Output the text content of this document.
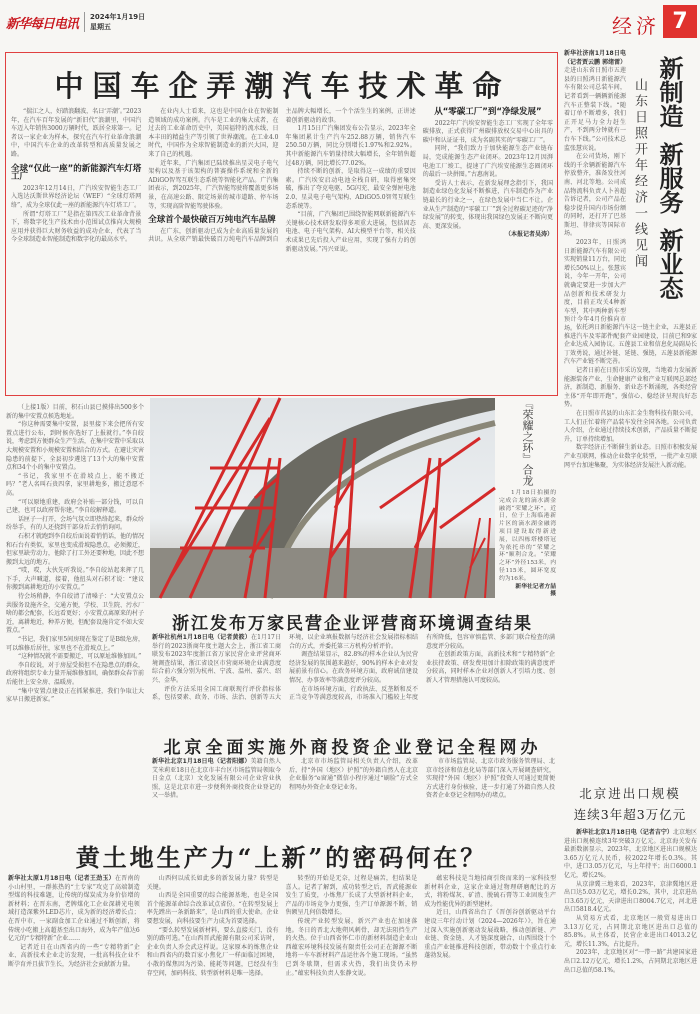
新华每日电讯 2024年1月19日
星期五	经济 7
中国车企弄潮汽车技术革命

“揣江之人，好踏浪翻波，名曰‘弄潮’。”2023年，在汽车百年发展的“新旧代”浪潮里，中国汽车迈入年销售3000万辆时代，跃居全球第一。记者以一家企业为样本，探究在汽车行业革命浪潮中，中国汽车企业的改革转型和高质量发展之路。

全球“仅此一座”的新能源汽车灯塔工厂

2023年12月14日，广汽埃安智能生态工厂入选达沃斯世界经济论坛（WEF）“全球灯塔网络”，成为全球仅此一座的新能源汽车灯塔工厂。

所谓“灯塔工厂”是指在第四次工业革命背景下，将数字化生产技术由小范围试点推向大规模应用并获得巨大财务收益的成功企业，代表了当今全球制造业智能制造和数字化的最高水平。

在业内人士看来，这也是中国企业在智能制造领域的成功案例。汽车是工业的集大成者，在过去的工业革命历史中，美国福特的流水线、日本丰田的精益生产等引领了世界潮流。在工业4.0时代，中国作为全球智能制造业的新兴大国，迎来了自己的机遇。

近年来，广汽集团已陆续推出星灵电子电气架构以及基于该架构的普赛操作系统和全新的ADiGO智驾互联生态系统等智能化产品。广汽集团表示，到2025年，广汽智能驾驶将覆盖更多场景，在高速公路、限定场景的城市道路、停车场等，实现高阶智能驾驶体验。

全球首个最快破百万纯电汽车品牌

在广东，创新驱动已成为企业高质量发展的共识。从全球产销最快破百万纯电汽车品牌到自主品牌大幅增长，一个个活生生的案例，正讲述着创新驱动的故事。

1月15日广汽集团发布公告显示，2023年全年集团累计生产汽车252.88万辆，销售汽车250.50万辆，同比分别增长1.97%和2.92%。其中新能源汽车销量持续大幅增长，全年销售超过48万辆，同比增长77.02%。

持续不断的创新，是取得这一成绩的重要因素。广汽埃安启动电池全栈自研，取得密集突破，推出了夸克电驱、5G闪充、最安全弹匣电池2.0、星灵电子电气架构、ADiGO5.0智驾互联生态系统等。

“目前，广汽集团已围绕智能网联新能源汽车关键核心技术研发取得多项重大进展，包括固态电池、电子电气架构、AI大模型平台等，相关技术成果已先后投入产业应用，实现了强有力的创新驱动发展。”冯兴亚说。

从“零碳工厂”到“净绿发展”

2022年广汽埃安智能生态工厂实现了全年零碳排放，正式获得广州碳排放权交易中心出具的碳中和认证证书，成为名副其实的“零碳工厂”。

同时，“我们致力于加快能源生态产业链布局，完成能源生态产业闭环。2023年12月因湃电池工厂竣工，提速了广汽埃安能源生态圈闭环的最后一块拼图。”古惠南说。

受访人士表示，在新发展理念指引下，我国制造业绿色化发展不断推进，汽车制造作为产业链最长的行业之一，在绿色发展中当仁不让。企业从生产制造的“零碳工厂”到全过程碳足迹的“净绿发展”的转变，体现出我国绿色发展正不断向更高、更深发展。

（本报记者吴涛）

新制造新服务新业态
山东日照开年经济一线见闻

新华社济南1月18日电（记者贾云鹏 郭绪雷）走进山东省日照市五莲县的日照鸿日新能源汽车有限公司总装车间，记者看到一辆辆新能源汽车正整装下线。“随着订单不断增多，我们正开足马力全力赶生产，不到两分钟就有一台车下线。”公司技术总监张慧宾说。

在公司货场，刚下线的千余辆新能源汽车停放整齐，准备发往河南、河北等地。公司成品物流科负责人卜善超告诉记者，公司产品在稳步提升国内市场份额的同时，还打开了巴基斯坦、菲律宾等国际市场。

2023年，日照鸿日新能源汽车有限公司实现销量11万台，同比增长50%以上。张慧宾说，今年一开年，公司就确定要进一步加大产品创新和技术研发力度，目前正攻关4种新车型，其中两种新车型预计今年4月份推向市场。 依托鸿日新能源汽车这一链主企业，五莲县正推进汽车及零部件配套产业园建设，目前已和9家企业达成入园协议。五莲县工业和信息化局副局长丁效勇说，通过补链、延链、强链，五莲县新能源汽车产业链不断完善。

记者日前在日照市采访发现，当地着力发展新能源装备产业、生命健康产业和产业互联网总部经济，新制造、新服务、新业态不断涌现，各类经营主体“开年即开跑”，强信心、稳经济呈现良好态势。

在日照市莒县的山东汇金生物科技有限公司，工人们正忙着将产品装车发往全国各地。公司负责人介绍，企业通过持续技术创新，产品质量不断提升，订单持续增加。

数字经济正不断催生新业态。日照市积极发展产业互联网，推动企业数字化转型，一批产业互联网平台加速集聚，为实体经济发展注入新动能。

（上接1版）目前，积石山县已摸排出500多个新的集中安置点候选地址。

“你这种需要集中安置，县里接下来会把所有安置点进行公布，到时候你选好了上报就行。”李自皎说，考虑到方便群众生产生活，在集中安置中采取以大规模安置和小规模安置相结合的方式。在避让灾害隐患的前提下，全县初步遴选了13个大的集中安置点和34个小的集中安置点。

“书记，我家里不在滑坡点上，能不搬迁吗？”老人名叫石贵四拿，家里耕地多，搬迁意愿不高。

“可以原地重建，政府会补贴一部分钱，可以自己建，也可以政府帮你建。”李自皎解释道。

话匣子一打开，会场气氛立即热络起来，群众纷纷举手，有的人还挠到干部身后去悄悄询问。

石积才就跑到李自皎后面说着悄悄话，他的情况和石台有类似，家里也变成滑坡隐患点，必须搬迁，但家里缺劳动力，他除了打工外还要种地，因此不想搬到太远的地方。

“哎，哎，大伙先听我说。”李自皎站起来挥了几下手，大声喊道，接着，他扭头对石积才说：“建议你搬到离耕地近的小安置点。”

待会场稍静，李自皎清了清嗓子：“大安置点公共服务设施齐全，交通方便，学校、卫生院、污水厂啥的都会配套，长远看更好；小安置点离原来的村子近，离耕地近，种养方便，但配套设施肯定不如大安置点。”

“书记，我们家里5间房现在鉴定了是B级危房，可以维修后居住，家里也不在滑坡点上。”

“这种情况就不需要搬迁，可以原址维修加固。”

李自皎说，对于房屋受损但不在隐患点的群众，政府将组织专业力量开展维修加固，确保群众春节前后能住上安全房、温暖房。

“集中安置点建设正在抓紧推进，我们争取让大家早日搬进新家。”

『荣耀之环』合龙

1月18日拍摄的完成合龙的滴水湖金融湾“荣耀之环”。近日，位于上海临港新片区的滴水湖金融湾项目建设取得新进展，以四栋塔楼塔冠为依托串的“荣耀之环”顺利合龙。“荣耀之环”外径153米，内径115米，圆环宽度约为16米。

新华社记者方喆摄

浙江发布万家民营企业评营商环境调查结果

新华社杭州1月18日电（记者黄筱）在1月17日举行的2023浙商年度主题大会上，浙江省工商联发布2023年度浙江省万家民营企业评营商环境调查结果，浙江省设区市营商环境企业满意度综合前六强分别为杭州、宁波、温州、嘉兴、绍兴、金华。

评价方法采用全国工商联现行评价指标体系，包括要素、政务、市场、法治、创新等五大环境，以企业填报数据与经济社会发展指标相结合的方式，并委托第三方机构分析评价。

调查结果显示，82.8%的样本企业认为民营经济发展的氛围越来越好，90%的样本企业对发展前景有信心。在政务环境方面，政府诚信建设情况、办事效率等满意度评分较高。

在市场环境方面，行政执法、反垄断和反不正当竞争等满意度较高，市场准入门槛较上年度有所降低，包容审慎监管、多部门联合检查的满意度评分较高。

在创新政策方面，高新技术和“专精特新”企业扶持政策、研发费用加计扣除政策的满意度评分较高，同时样本企业对创新人才引培力度、创新人才管理措施认可度较高。

北京全面实施外商投资企业登记全程网办

新华社北京1月18日电（记者阳娜）美籍自然人艾米莉亚18日在北京市丰台区市场监管局领取今日金点（北京）文化发展有限公司企业营业执照，这是北京市进一步便利外商投资企业登记的又一举措。

北京市市场监管局相关负责人介绍，改革后，持“外国（地区）护照”的外籍自然人在北京企业服务“e窗通”微信小程序通过“刷脸”方式全程网办外资企业登记业务。

市市场监管局、北京市政务服务管理局、北京市经济和信息化局等部门深入开展调查研究，实现持“外国（地区）护照”投资人可通过更简便方式进行身份核验，进一步打通了外籍自然人投资者企业登记全程网办的堵点。

黄土地生产力“上新”的密码何在？

新华社太原1月18日电（记者王劲玉）在晋南的小山村里，一群拣热的“土专家”攻克了高端制造型煤的科技难题，让传统的煤炭成为身价倍增的新材料；在晋东南，老牌煤化工企业深耕光电领域打造深紫外LED芯片，成为新的经济增长点；在晋中市，一家副食加工企业通过不断创新，将传统小吃搬上高超基至出口海外，成为年产值达6亿元的“专精特新”企业……

记者近日在山西省内的一些“专精特新”企业、高新技术企业走访发现，一批高科技企业不断孕育并且拔节生长，为经济社会贡献新力量。

山西何以成长如此多的新发展力量？转型是关键。

山西是全国重要的综合能源基地，也是全国首个能源革命综合改革试点省份。“在转型发展上率先蹚出一条新路来”，是山西的重大使命。企业要想发展，向科技要生产力成为首要选择。

“要么转型发展新材料，要么直接关门，没有别的路可选。”在山西晋武能源有限公司采访时，企业负责人乔会武这样说。这家原本的炼焦企业和山西省内的数百家小焦化厂一样面临过困境，小散的煤焦因为污染、能耗等问题，已经没有生存空间，加码科技、转型新材料是唯一选择。

转型的开始是无奈，过程是痛苦，但结果是喜人。记者了解到，成功转型之后，晋武能源业发生了质变，小炼焦厂长成了大型新材料企业，产品的市场竞争力更强，生产订单源源不断，销售额呈几何倍数增长。

传统产业转型发展，新兴产业也在加速落地。冬日的晋北大地朔风刺骨，却无法阻挡生产的火热。位于山西省怀仁市的新材料制造企业山西蕴宏环境科技发展有限责任公司正在源源不断地将一车车新材料产品运往各个施工现场。“虽然已到冬歇期，但需求火热，我们出货仍未停止。”蕴宏科技负责人张静文说。

蕴宏科技是当地招商引资而来的一家科技型新材料企业，这家企业通过物理研磨配比的方式，将粉煤灰、矿渣、脱硫石膏等工业固废生产成为性能优异的新型建材。

近日，山西省出台了《晋创谷创新驱动平台建设三年行动计划（2024—2026年）》，旨在通过深入实施创新驱动发展战略，推动创新链、产业链、资金链、人才链深度融合，山西围绕十个重点产业链推进科技创新，带动数十个重点行业蓬勃发展。

北京进出口规模
连续3年超3万亿元

新华社北京1月18日电（记者吉宁）北京地区进出口规模连续3年突破3万亿元。北京海关发布最新数据显示，2023年，北京地区进出口规模达3.65万亿元人民币，较2022年增长0.3%。其中，进口3.05万亿元，与上年持平；出口6000.1亿元，增长2%。

从京津冀三地来看，2023年，京津冀地区进出口达5.03万亿元，增长0.2%，其中，北京进出口3.65万亿元，天津进出口8004.7亿元，河北进出口5818.4亿元。

从贸易方式看，北京地区一般贸易进出口3.13万亿元，占同期北京地区进出口总值的85.8%。从主体看，民营企业进出口4013.2亿元，增长11.3%，占比提升。

2023年，北京地区对“一带一路”共建国家进出口2.12万亿元，增长1.2%，占同期北京地区进出口总值的58.1%。
